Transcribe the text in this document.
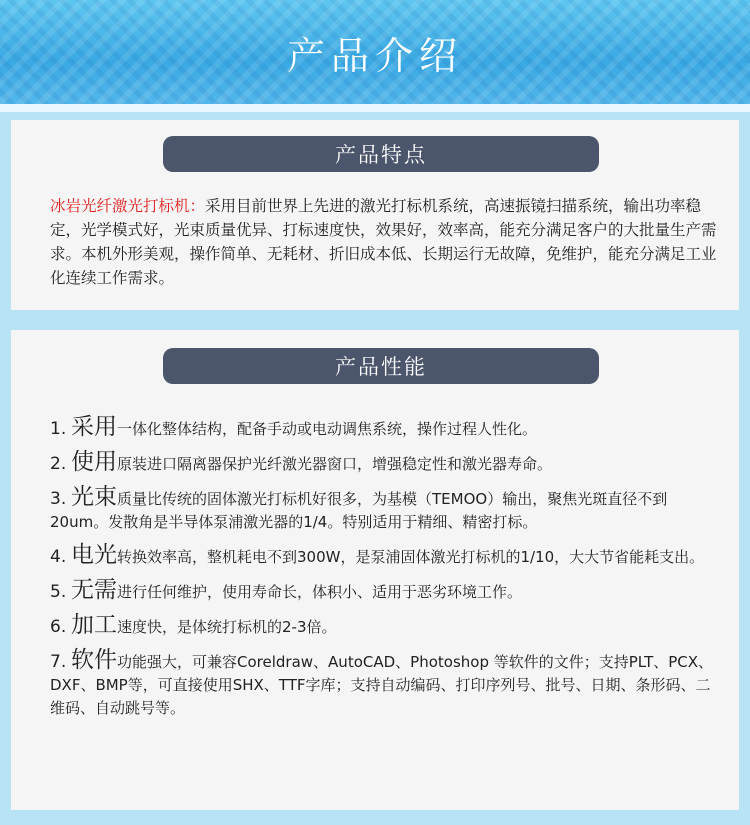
产品介绍
产品特点

冰岩光纤激光打标机：采用目前世界上先进的激光打标机系统，高速振镜扫描系统，输出功率稳定，光学模式好，光束质量优异、打标速度快，效果好，效率高，能充分满足客户的大批量生产需求。本机外形美观，操作简单、无耗材、折旧成本低、长期运行无故障，免维护，能充分满足工业化连续工作需求。

产品性能
1. 采用一体化整体结构，配备手动或电动调焦系统，操作过程人性化。
2. 使用原装进口隔离器保护光纤激光器窗口，增强稳定性和激光器寿命。
3. 光束质量比传统的固体激光打标机好很多，为基模（TEMOO）输出，聚焦光斑直径不到 20um。发散角是半导体泵浦激光器的1/4。特别适用于精细、精密打标。
4. 电光转换效率高，整机耗电不到300W，是泵浦固体激光打标机的1/10，大大节省能耗支出。
5. 无需进行任何维护，使用寿命长，体积小、适用于恶劣环境工作。
6. 加工速度快，是体统打标机的2-3倍。
7. 软件功能强大，可兼容Coreldraw、AutoCAD、Photoshop 等软件的文件；支持PLT、PCX、DXF、BMP等，可直接使用SHX、TTF字库；支持自动编码、打印序列号、批号、日期、条形码、二维码、自动跳号等。
